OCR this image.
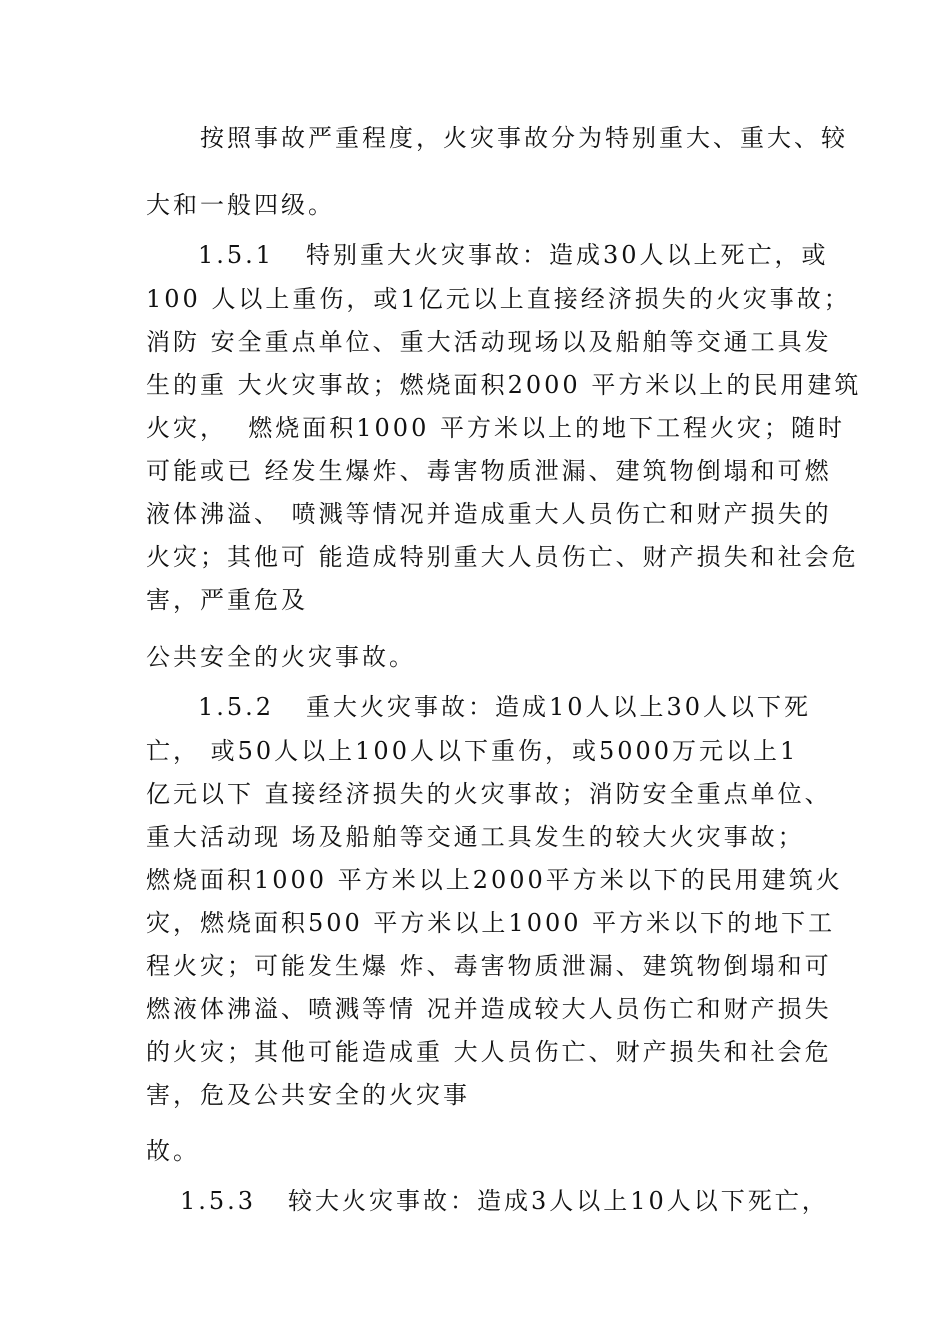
按照事故严重程度，火灾事故分为特别重大、重大、较
大和一般四级。
1.5.1   特别重大火灾事故：造成30人以上死亡，或
100 人以上重伤，或1亿元以上直接经济损失的火灾事故；
消防 安全重点单位、重大活动现场以及船舶等交通工具发
生的重 大火灾事故；燃烧面积2000 平方米以上的民用建筑
火灾，  燃烧面积1000 平方米以上的地下工程火灾；随时
可能或已 经发生爆炸、毒害物质泄漏、建筑物倒塌和可燃
液体沸溢、 喷溅等情况并造成重大人员伤亡和财产损失的
火灾；其他可 能造成特别重大人员伤亡、财产损失和社会危
害，严重危及
公共安全的火灾事故。
1.5.2   重大火灾事故：造成10人以上30人以下死
亡， 或50人以上100人以下重伤，或5000万元以上1
亿元以下 直接经济损失的火灾事故；消防安全重点单位、
重大活动现 场及船舶等交通工具发生的较大火灾事故；
燃烧面积1000 平方米以上2000平方米以下的民用建筑火
灾，燃烧面积500 平方米以上1000 平方米以下的地下工
程火灾；可能发生爆 炸、毒害物质泄漏、建筑物倒塌和可
燃液体沸溢、喷溅等情 况并造成较大人员伤亡和财产损失
的火灾；其他可能造成重 大人员伤亡、财产损失和社会危
害，危及公共安全的火灾事
故。
1.5.3   较大火灾事故：造成3人以上10人以下死亡，
